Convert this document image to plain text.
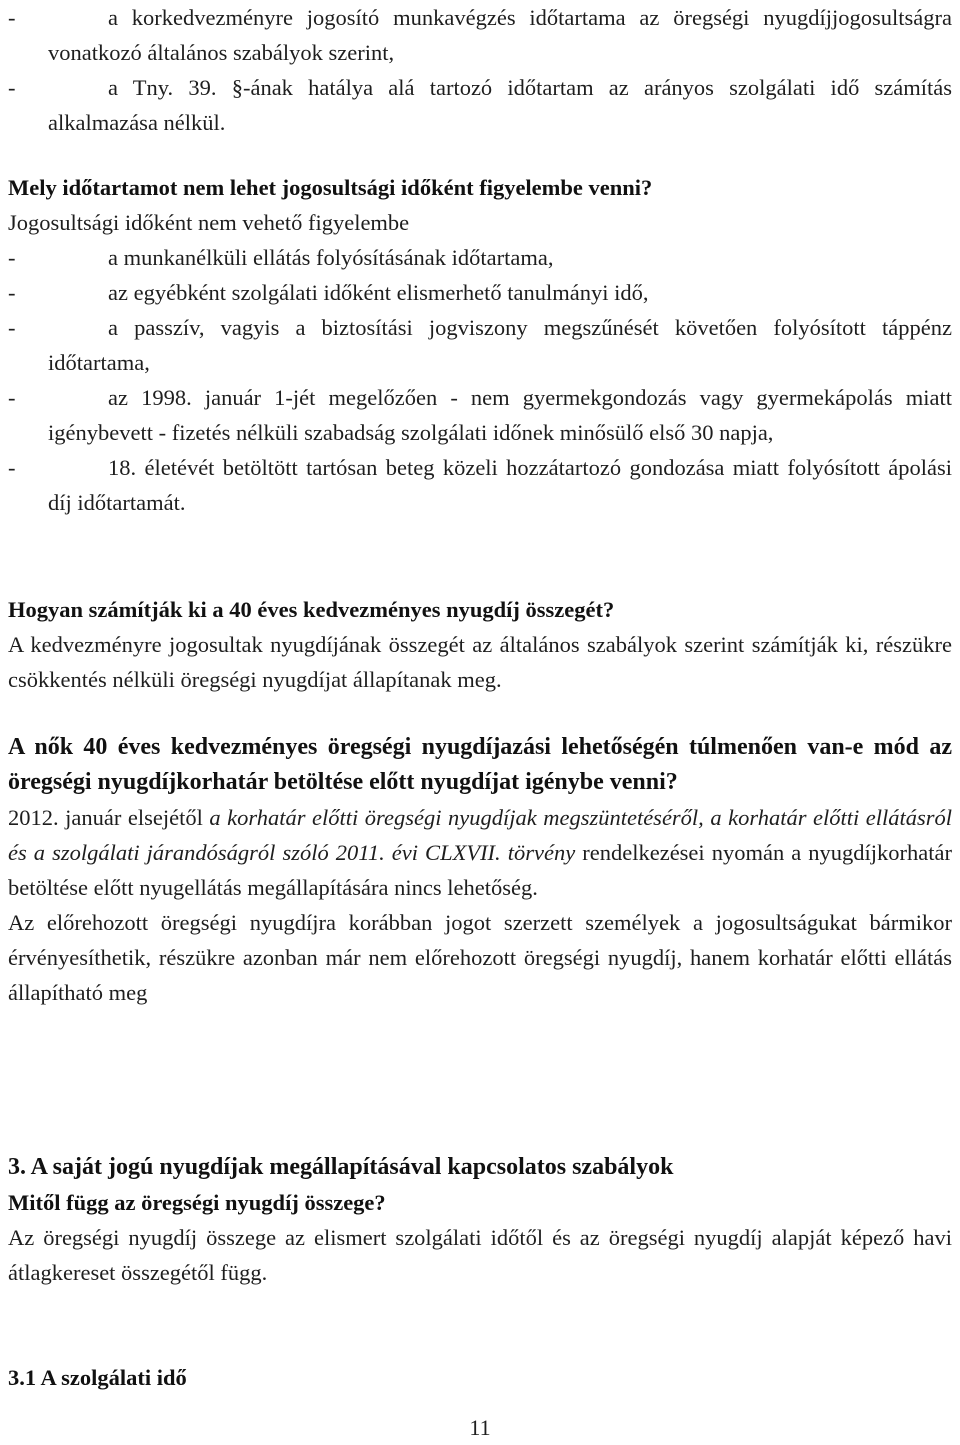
-	a korkedvezményre jogosító munkavégzés időtartama az öregségi nyugdíjjogosultságra vonatkozó általános szabályok szerint,
-	a Tny. 39. §-ának hatálya alá tartozó időtartam az arányos szolgálati idő számítás alkalmazása nélkül.

Mely időtartamot nem lehet jogosultsági időként figyelembe venni?

Jogosultsági időként nem vehető figyelembe

-	a munkanélküli ellátás folyósításának időtartama,
-	az egyébként szolgálati időként elismerhető tanulmányi idő,
-	a passzív, vagyis a biztosítási jogviszony megszűnését követően folyósított táppénz időtartama,
-	az 1998. január 1-jét megelőzően - nem gyermekgondozás vagy gyermekápolás miatt igénybevett - fizetés nélküli szabadság szolgálati időnek minősülő első 30 napja,
-	18. életévét betöltött tartósan beteg közeli hozzátartozó gondozása miatt folyósított ápolási díj időtartamát.

Hogyan számítják ki a 40 éves kedvezményes nyugdíj összegét?

A kedvezményre jogosultak nyugdíjának összegét az általános szabályok szerint számítják ki, részükre csökkentés nélküli öregségi nyugdíjat állapítanak meg.

A nők 40 éves kedvezményes öregségi nyugdíjazási lehetőségén túlmenően van-e mód az öregségi nyugdíjkorhatár betöltése előtt nyugdíjat igénybe venni?

2012. január elsejétől a korhatár előtti öregségi nyugdíjak megszüntetéséről, a korhatár előtti ellátásról és a szolgálati járandóságról szóló 2011. évi CLXVII. törvény rendelkezései nyomán a nyugdíjkorhatár betöltése előtt nyugellátás megállapítására nincs lehetőség.

Az előrehozott öregségi nyugdíjra korábban jogot szerzett személyek a jogosultságukat bármikor érvényesíthetik, részükre azonban már nem előrehozott öregségi nyugdíj, hanem korhatár előtti ellátás állapítható meg

3. A saját jogú nyugdíjak megállapításával kapcsolatos szabályok

Mitől függ az öregségi nyugdíj összege?

Az öregségi nyugdíj összege az elismert szolgálati időtől és az öregségi nyugdíj alapját képező havi átlagkereset összegétől függ.

3.1 A szolgálati idő

11
